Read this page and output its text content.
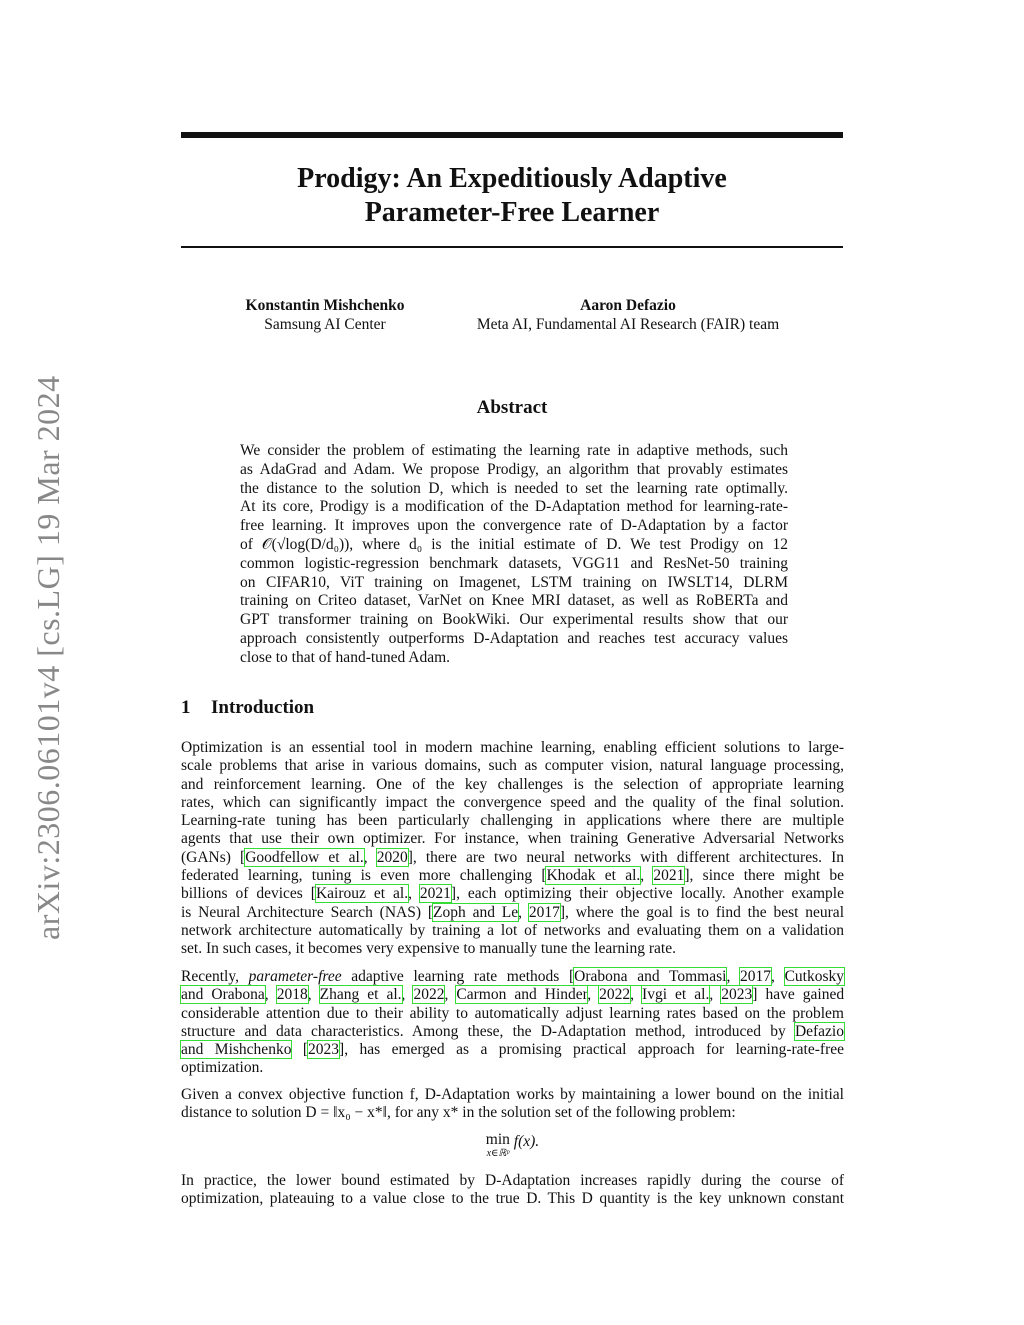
arXiv:2306.06101v4 [cs.LG] 19 Mar 2024
Prodigy: An Expeditiously Adaptive
Parameter-Free Learner
Konstantin Mishchenko
Samsung AI Center
Aaron Defazio
Meta AI, Fundamental AI Research (FAIR) team
Abstract
We consider the problem of estimating the learning rate in adaptive methods, such
as AdaGrad and Adam. We propose Prodigy, an algorithm that provably estimates
the distance to the solution D, which is needed to set the learning rate optimally.
At its core, Prodigy is a modification of the D-Adaptation method for learning-rate-
free learning. It improves upon the convergence rate of D-Adaptation by a factor
of 𝒪(√log(D/d₀)), where d₀ is the initial estimate of D. We test Prodigy on 12
common logistic-regression benchmark datasets, VGG11 and ResNet-50 training
on CIFAR10, ViT training on Imagenet, LSTM training on IWSLT14, DLRM
training on Criteo dataset, VarNet on Knee MRI dataset, as well as RoBERTa and
GPT transformer training on BookWiki. Our experimental results show that our
approach consistently outperforms D-Adaptation and reaches test accuracy values
close to that of hand-tuned Adam.
1 Introduction
Optimization is an essential tool in modern machine learning, enabling efficient solutions to large-
scale problems that arise in various domains, such as computer vision, natural language processing,
and reinforcement learning. One of the key challenges is the selection of appropriate learning
rates, which can significantly impact the convergence speed and the quality of the final solution.
Learning-rate tuning has been particularly challenging in applications where there are multiple
agents that use their own optimizer. For instance, when training Generative Adversarial Networks
(GANs) [Goodfellow et al., 2020], there are two neural networks with different architectures. In
federated learning, tuning is even more challenging [Khodak et al., 2021], since there might be
billions of devices [Kairouz et al., 2021], each optimizing their objective locally. Another example
is Neural Architecture Search (NAS) [Zoph and Le, 2017], where the goal is to find the best neural
network architecture automatically by training a lot of networks and evaluating them on a validation
set. In such cases, it becomes very expensive to manually tune the learning rate.
Recently, parameter-free adaptive learning rate methods [Orabona and Tommasi, 2017, Cutkosky
and Orabona, 2018, Zhang et al., 2022, Carmon and Hinder, 2022, Ivgi et al., 2023] have gained
considerable attention due to their ability to automatically adjust learning rates based on the problem
structure and data characteristics. Among these, the D-Adaptation method, introduced by Defazio
and Mishchenko [2023], has emerged as a promising practical approach for learning-rate-free
optimization.
Given a convex objective function f, D-Adaptation works by maintaining a lower bound on the initial
distance to solution D = ‖x₀ − x*‖, for any x* in the solution set of the following problem:
min
x∈ℝᵖ
f(x).
In practice, the lower bound estimated by D-Adaptation increases rapidly during the course of
optimization, plateauing to a value close to the true D. This D quantity is the key unknown constant
